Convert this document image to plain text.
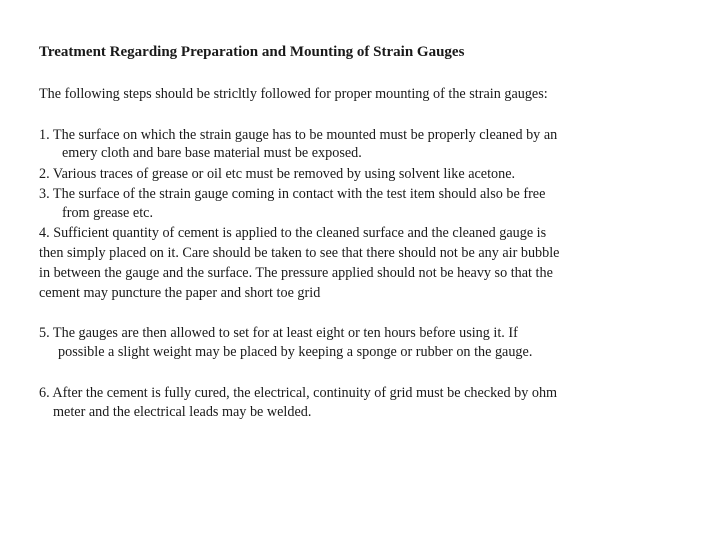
Treatment Regarding Preparation and Mounting of Strain Gauges
The following steps should be stricltly followed for proper mounting of the strain gauges:
1. The surface on which the strain gauge has to be mounted must be properly cleaned by an
emery cloth and bare base material must be exposed.
2. Various traces of grease or oil etc must be removed by using solvent like acetone.
3. The surface of the strain gauge coming in contact with the test item should also be free
from grease etc.
4. Sufficient quantity of cement is applied to the cleaned surface and the cleaned gauge is
then simply placed on it. Care should be taken to see that there should not be any air bubble
in between the gauge and the surface. The pressure applied should not be heavy so that the
cement may puncture the paper and short toe grid
5. The gauges are then allowed to set for at least eight or ten hours before using it. If
possible a slight weight may be placed by keeping a sponge or rubber on the gauge.
6. After the cement is fully cured, the electrical, continuity of grid must be checked by ohm
meter and the electrical leads may be welded.
